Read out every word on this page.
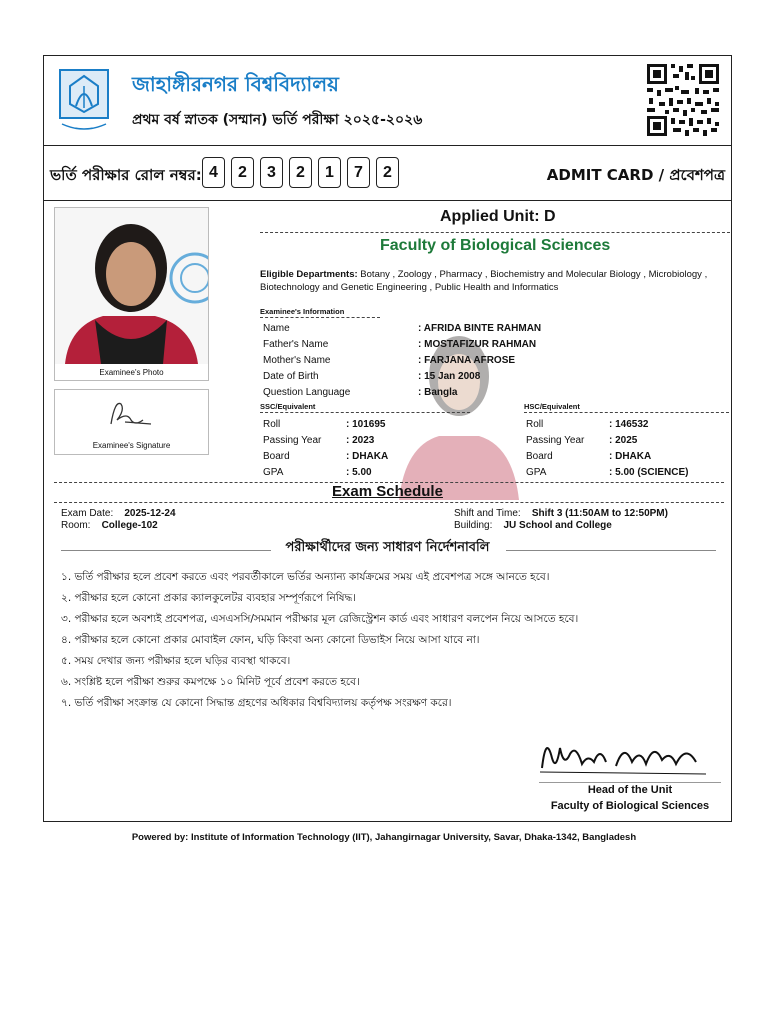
জাহাঙ্গীরনগর বিশ্ববিদ্যালয়
প্রথম বর্ষ স্নাতক (সম্মান) ভর্তি পরীক্ষা ২০২৫-২০২৬
ভর্তি পরীক্ষার রোল নম্বর: 4	2	3	2	1	7	2	ADMIT CARD / প্রবেশপত্র
Examinee's Photo
Examinee's Signature
Applied Unit: D
Faculty of Biological Sciences
Eligible Departments: Botany , Zoology , Pharmacy , Biochemistry and Molecular Biology , Microbiology , Biotechnology and Genetic Engineering , Public Health and Informatics
Examinee's Information
Name	: AFRIDA BINTE RAHMAN
Father's Name	: MOSTAFIZUR RAHMAN
Mother's Name	: FARJANA AFROSE
Date of Birth	: 15 Jan 2008
Question Language	: Bangla
SSC/Equivalent	HSC/Equivalent
Roll	: 101695
Passing Year : 2023
Board	: DHAKA
GPA	: 5.00
Roll	: 146532
Passing Year : 2025
Board	: DHAKA
GPA	: 5.00 (SCIENCE)
Exam Schedule
Exam Date: 2025-12-24
Room: College-102
Shift and Time: Shift 3 (11:50AM to 12:50PM)
Building: JU School and College
পরীক্ষার্থীদের জন্য সাধারণ নির্দেশনাবলি
১. ভর্তি পরীক্ষার হলে প্রবেশ করতে এবং পরবর্তীকালে ভর্তির অন্যান্য কার্যক্রমের সময় এই প্রবেশপত্র সঙ্গে আনতে হবে।
২. পরীক্ষার হলে কোনো প্রকার ক্যালকুলেটর ব্যবহার সম্পূর্ণরূপে নিষিদ্ধ।
৩. পরীক্ষার হলে অবশ্যই প্রবেশপত্র, এসএসসি/সমমান পরীক্ষার মূল রেজিস্ট্রেশন কার্ড এবং সাধারণ বলপেন নিয়ে আসতে হবে।
৪. পরীক্ষার হলে কোনো প্রকার মোবাইল ফোন, ঘড়ি কিংবা অন্য কোনো ডিভাইস নিয়ে আসা যাবে না।
৫. সময় দেখার জন্য পরীক্ষার হলে ঘড়ির ব্যবস্থা থাকবে।
৬. সংশ্লিষ্ট হলে পরীক্ষা শুরুর কমপক্ষে ১০ মিনিট পূর্বে প্রবেশ করতে হবে।
৭. ভর্তি পরীক্ষা সংক্রান্ত যে কোনো সিদ্ধান্ত গ্রহণের অধিকার বিশ্ববিদ্যালয় কর্তৃপক্ষ সংরক্ষণ করে।
Head of the Unit
Faculty of Biological Sciences
Powered by: Institute of Information Technology (IIT), Jahangirnagar University, Savar, Dhaka-1342, Bangladesh
